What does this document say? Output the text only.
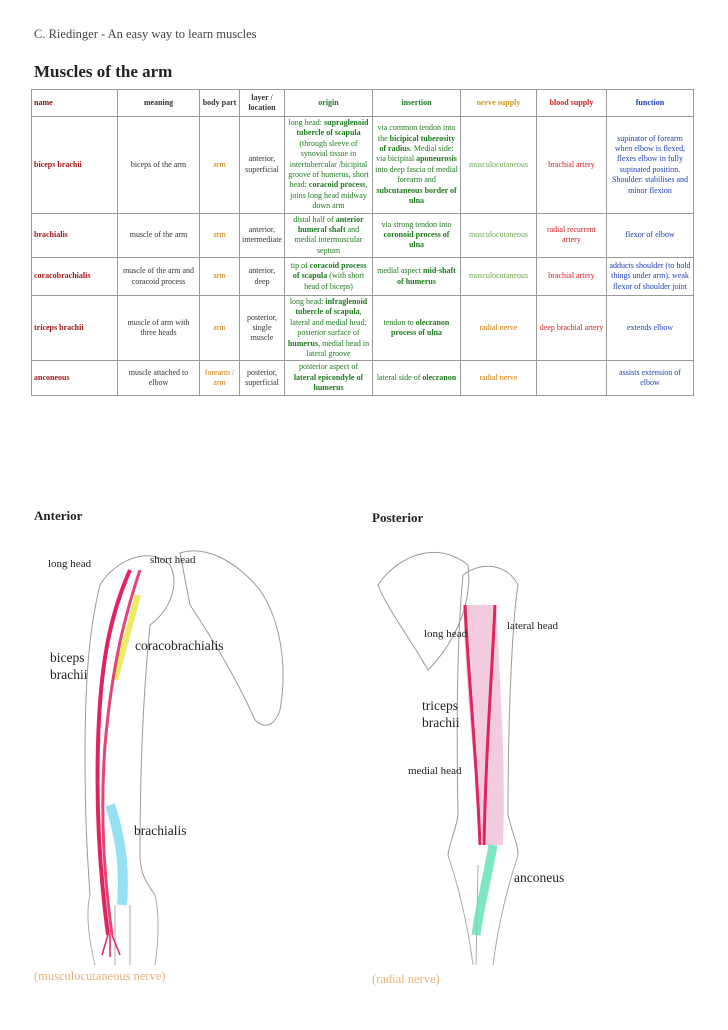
C. Riedinger - An easy way to learn muscles
Muscles of the arm
name	meaning	body part	layer / location	origin	insertion	nerve supply	blood supply	function
biceps brachii	biceps of the arm	arm	anterior, superficial	long head: supraglenoid tubercle of scapula (through sleeve of synovial tissue in intertubercular /bicipital groove of humerus, short head: coracoid process, joins long head midway down arm	via common tendon into the bicipical tuberosity of radius. Medial side: via bicipital aponeurosis into deep fascia of medial forearm and subcutaneous border of ulna	musculocutaneous	brachial artery	supinator of forearm when elbow is flexed, flexes elbow in fully supinated position. Shoulder: stabilises and minor flexion
brachialis	muscle of the arm	arm	anterior, intermediate	distal half of anterior humeral shaft and medial intermuscular septum	via strong tendon into coronoid process of ulna	musculocutaneous	radial recurrent artery	flexor of elbow
coracobrachialis	muscle of the arm and coracoid process	arm	anterior, deep	tip of coracoid process of scapula (with short head of biceps)	medial aspect mid-shaft of humerus	musculocutaneous	brachial artery	adducts shoulder (to hold things under arm), weak flexor of shoulder joint
triceps brachii	muscle of arm with three heads	arm	posterior, single muscle	long head: infraglenoid tubercle of scapula, lateral and medial head: posterior surface of humerus, medial head in lateral groove	tendon to olecranon process of ulna	radial nerve	deep brachial artery	extends elbow
anconeous	muscle attached to elbow	forearm / arm	posterior, superficial	posterior aspect of lateral epicondyle of humerus	lateral side of olecranon	radial nerve		assists extension of elbow
Anterior
long head	short head
coracobrachialis
biceps
brachii
brachialis
(musculocutaneous nerve)
Posterior
lateral head
long head
triceps
brachii
medial head
anconeus
(radial nerve)
